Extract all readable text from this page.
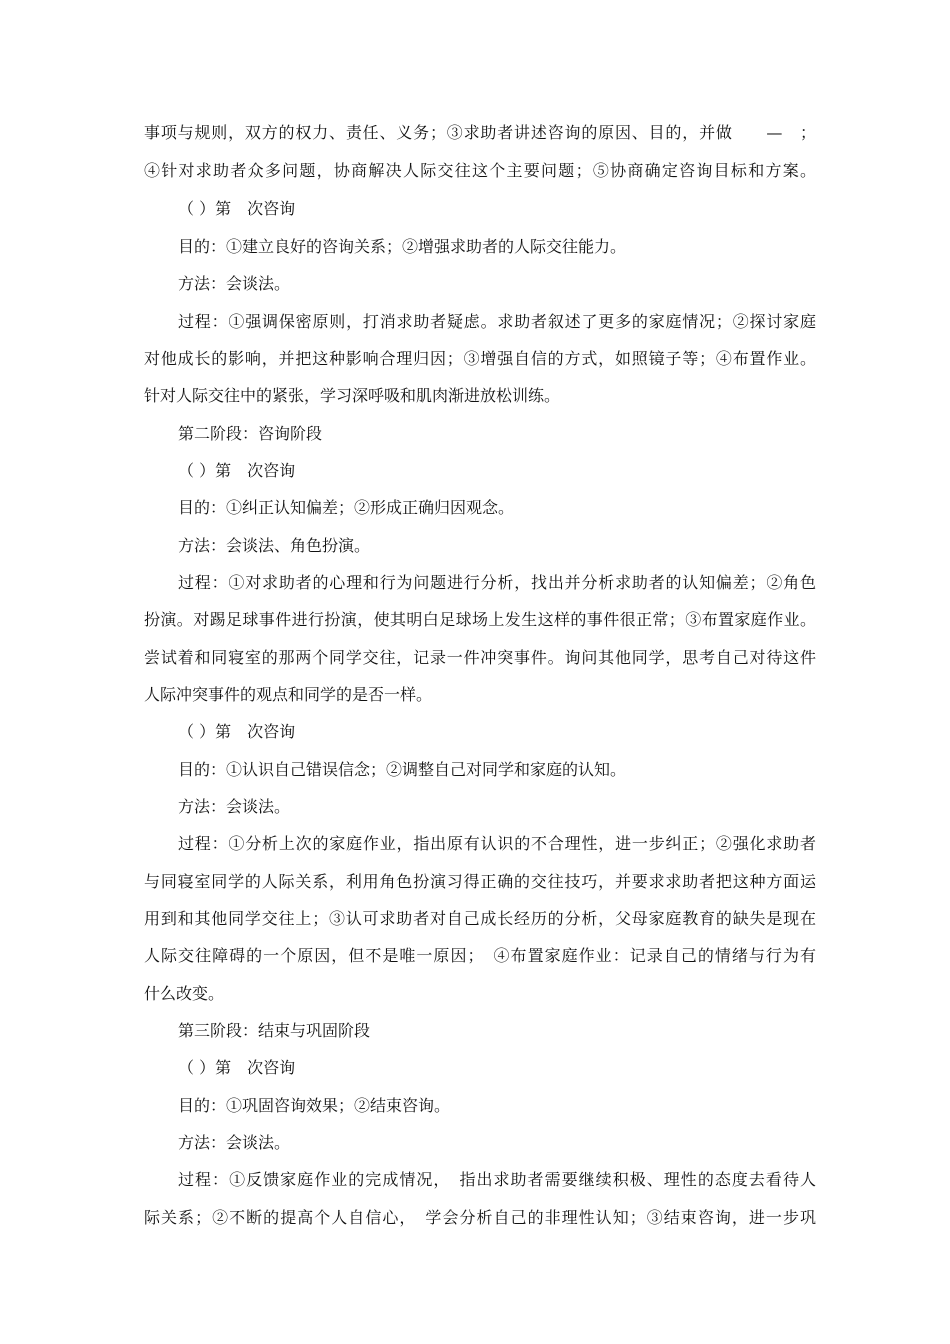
事项与规则，双方的权力、责任、义务；③求助者讲述咨询的原因、目的，并做　　—　；
④针对求助者众多问题，协商解决人际交往这个主要问题；⑤协商确定咨询目标和方案。
（ ）第　次咨询
目的：①建立良好的咨询关系；②增强求助者的人际交往能力。
方法：会谈法。
过程：①强调保密原则，打消求助者疑虑。求助者叙述了更多的家庭情况；②探讨家庭
对他成长的影响，并把这种影响合理归因；③增强自信的方式，如照镜子等；④布置作业。
针对人际交往中的紧张，学习深呼吸和肌肉渐进放松训练。
第二阶段：咨询阶段
（ ）第　次咨询
目的：①纠正认知偏差；②形成正确归因观念。
方法：会谈法、角色扮演。
过程：①对求助者的心理和行为问题进行分析，找出并分析求助者的认知偏差；②角色
扮演。对踢足球事件进行扮演，使其明白足球场上发生这样的事件很正常；③布置家庭作业。
尝试着和同寝室的那两个同学交往，记录一件冲突事件。询问其他同学，思考自己对待这件
人际冲突事件的观点和同学的是否一样。
（ ）第　次咨询
目的：①认识自己错误信念；②调整自己对同学和家庭的认知。
方法：会谈法。
过程：①分析上次的家庭作业，指出原有认识的不合理性，进一步纠正；②强化求助者
与同寝室同学的人际关系，利用角色扮演习得正确的交往技巧，并要求求助者把这种方面运
用到和其他同学交往上；③认可求助者对自己成长经历的分析，父母家庭教育的缺失是现在
人际交往障碍的一个原因，但不是唯一原因；　④布置家庭作业：记录自己的情绪与行为有
什么改变。
第三阶段：结束与巩固阶段
（ ）第　次咨询
目的：①巩固咨询效果；②结束咨询。
方法：会谈法。
过程：①反馈家庭作业的完成情况，　指出求助者需要继续积极、理性的态度去看待人
际关系；②不断的提高个人自信心，　学会分析自己的非理性认知；③结束咨询，进一步巩
